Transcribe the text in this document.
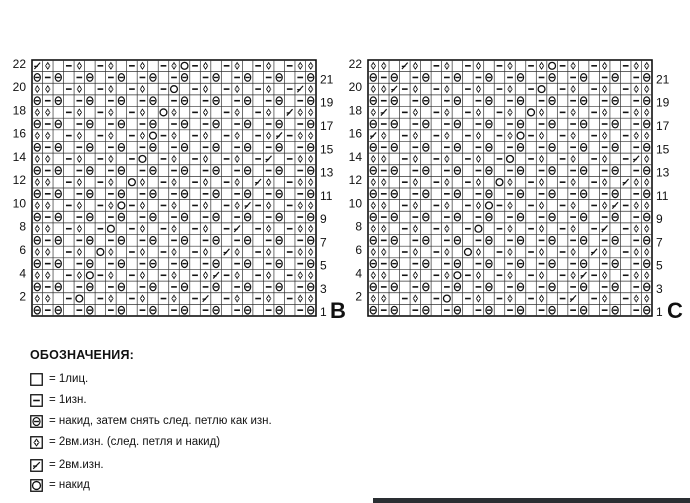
1
3
5
7
9
11
13
15
17
19
21
2
4
6
8
10
12
14
16
18
20
22
B	1
3
5
7
9
11
13
15
17
19
21
2
4
6
8
10
12
14
16
18
20
22
C
ОБОЗНАЧЕНИЯ:
= 1лиц.
= 1изн.
= накид, затем снять след. петлю как изн.
= 2вм.изн. (след. петля и накид)
= 2вм.изн.
= накид
